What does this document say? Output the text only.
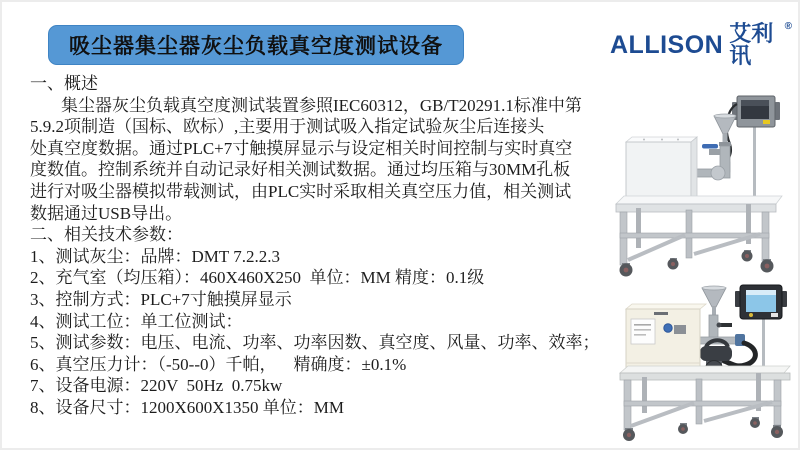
吸尘器集尘器灰尘负载真空度测试设备	ALLISON 艾利讯
®
一、概述
集尘器灰尘负载真空度测试装置参照IEC60312，GB/T20291.1标准中第
5.9.2项制造（国标、欧标）,主要用于测试吸入指定试验灰尘后连接头
处真空度数据。通过PLC+7寸触摸屏显示与设定相关时间控制与实时真空
度数值。控制系统并自动记录好相关测试数据。通过均压箱与30MM孔板
进行对吸尘器模拟带载测试，由PLC实时采取相关真空压力值，相关测试
数据通过USB导出。
二、相关技术参数：
1、测试灰尘：品牌：DMT 7.2.2.3
2、充气室（均压箱）：460X460X250  单位：MM 精度：0.1级
3、控制方式：PLC+7寸触摸屏显示
4、测试工位：单工位测试：
5、测试参数：电压、电流、功率、功率因数、真空度、风量、功率、效率；
6、真空压力计：（-50--0）千帕，    精确度：±0.1%
7、设备电源：220V  50Hz  0.75kw
8、设备尺寸：1200X600X1350 单位：MM
